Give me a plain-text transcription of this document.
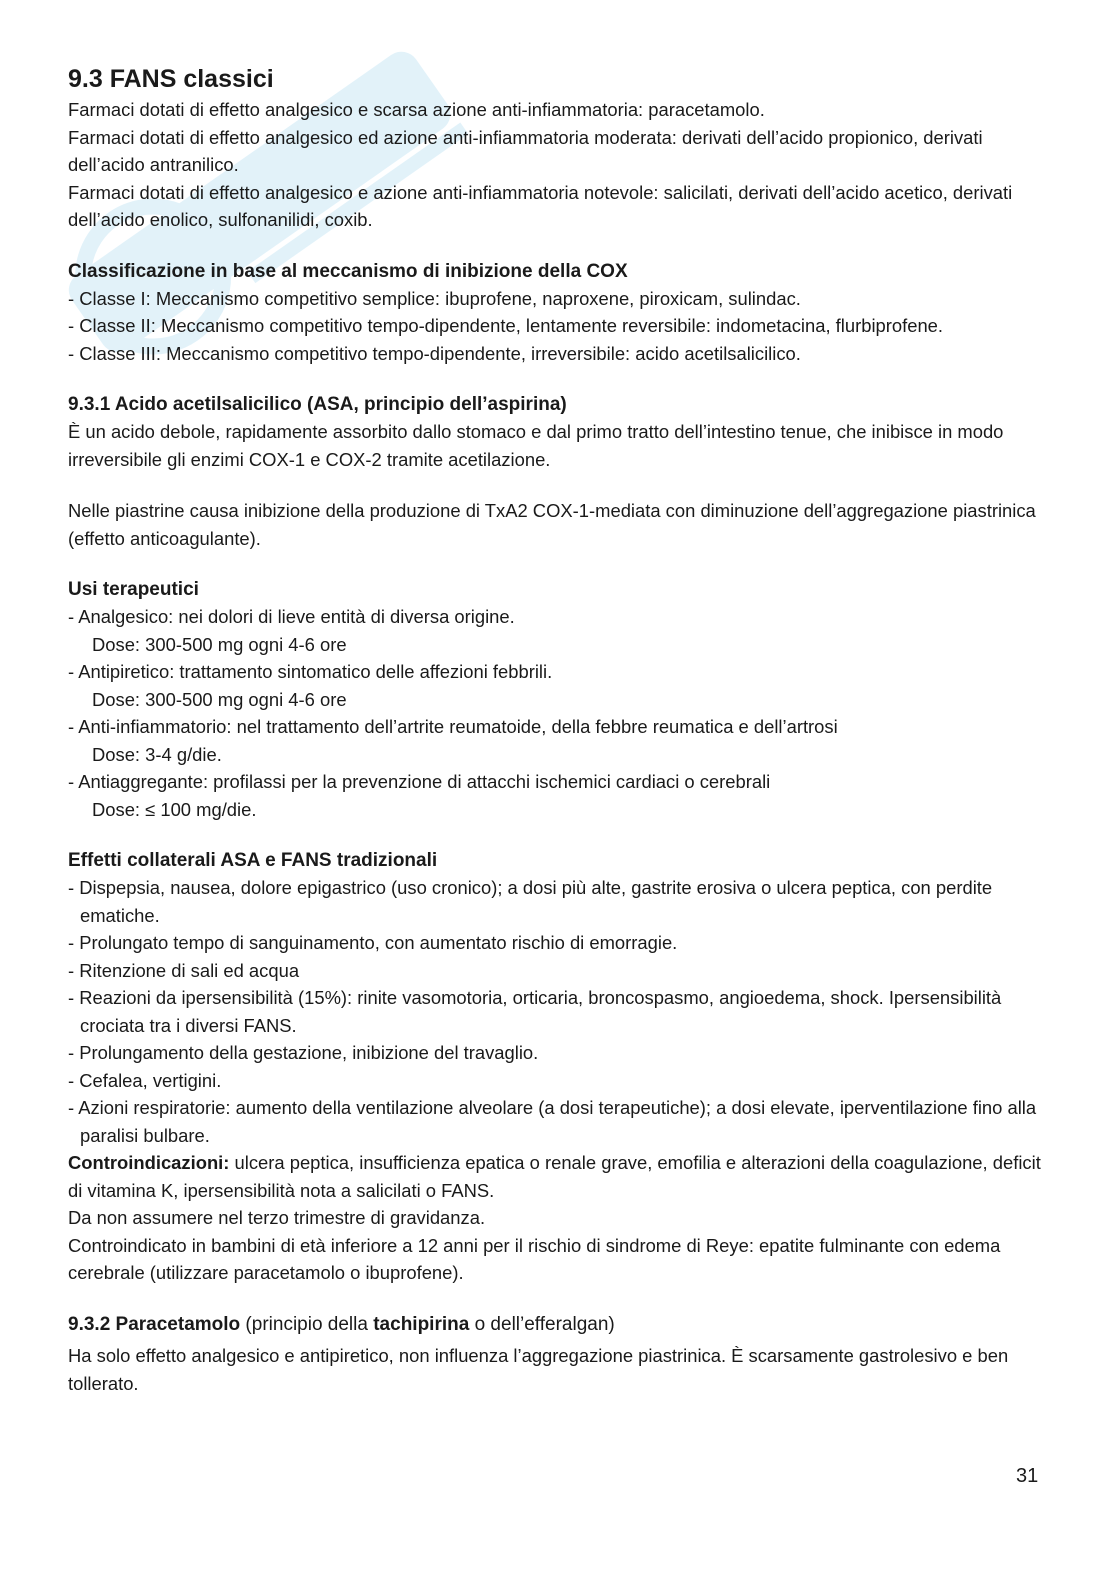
9.3 FANS classici

Farmaci dotati di effetto analgesico e scarsa azione anti-infiammatoria: paracetamolo.

Farmaci dotati di effetto analgesico ed azione anti-infiammatoria moderata: derivati dell’acido propionico, derivati dell’acido antranilico.

Farmaci dotati di effetto analgesico e azione anti-infiammatoria notevole: salicilati, derivati dell’acido acetico, derivati dell’acido enolico, sulfonanilidi, coxib.

Classificazione in base al meccanismo di inibizione della COX
- Classe I: Meccanismo competitivo semplice: ibuprofene, naproxene, piroxicam, sulindac.
- Classe II: Meccanismo competitivo tempo-dipendente, lentamente reversibile: indometacina, flurbiprofene.
- Classe III: Meccanismo competitivo tempo-dipendente, irreversibile: acido acetilsalicilico.
9.3.1 Acido acetilsalicilico (ASA, principio dell’aspirina)

È un acido debole, rapidamente assorbito dallo stomaco e dal primo tratto dell’intestino tenue, che inibisce in modo irreversibile gli enzimi COX-1 e COX-2 tramite acetilazione.

Nelle piastrine causa inibizione della produzione di TxA2 COX-1-mediata con diminuzione dell’aggregazione piastrinica (effetto anticoagulante).

Usi terapeutici
- Analgesico: nei dolori di lieve entità di diversa origine.
Dose: 300-500 mg ogni 4-6 ore
- Antipiretico: trattamento sintomatico delle affezioni febbrili.
Dose: 300-500 mg ogni 4-6 ore
- Anti-infiammatorio: nel trattamento dell’artrite reumatoide, della febbre reumatica e dell’artrosi
Dose: 3-4 g/die.
- Antiaggregante: profilassi per la prevenzione di attacchi ischemici cardiaci o cerebrali
Dose: ≤ 100 mg/die.
Effetti collaterali ASA e FANS tradizionali
- Dispepsia, nausea, dolore epigastrico (uso cronico); a dosi più alte, gastrite erosiva o ulcera peptica, con perdite ematiche.
- Prolungato tempo di sanguinamento, con aumentato rischio di emorragie.
- Ritenzione di sali ed acqua
- Reazioni da ipersensibilità (15%): rinite vasomotoria, orticaria, broncospasmo, angioedema, shock. Ipersensibilità crociata tra i diversi FANS.
- Prolungamento della gestazione, inibizione del travaglio.
- Cefalea, vertigini.
- Azioni respiratorie: aumento della ventilazione alveolare (a dosi terapeutiche); a dosi elevate, iperventilazione fino alla paralisi bulbare.

Controindicazioni: ulcera peptica, insufficienza epatica o renale grave, emofilia e alterazioni della coagulazione, deficit di vitamina K, ipersensibilità nota a salicilati o FANS.

Da non assumere nel terzo trimestre di gravidanza.

Controindicato in bambini di età inferiore a 12 anni per il rischio di sindrome di Reye: epatite fulminante con edema cerebrale (utilizzare paracetamolo o ibuprofene).

9.3.2 Paracetamolo (principio della tachipirina o dell’efferalgan)

Ha solo effetto analgesico e antipiretico, non influenza l’aggregazione piastrinica. È scarsamente gastrolesivo e ben tollerato.

31
